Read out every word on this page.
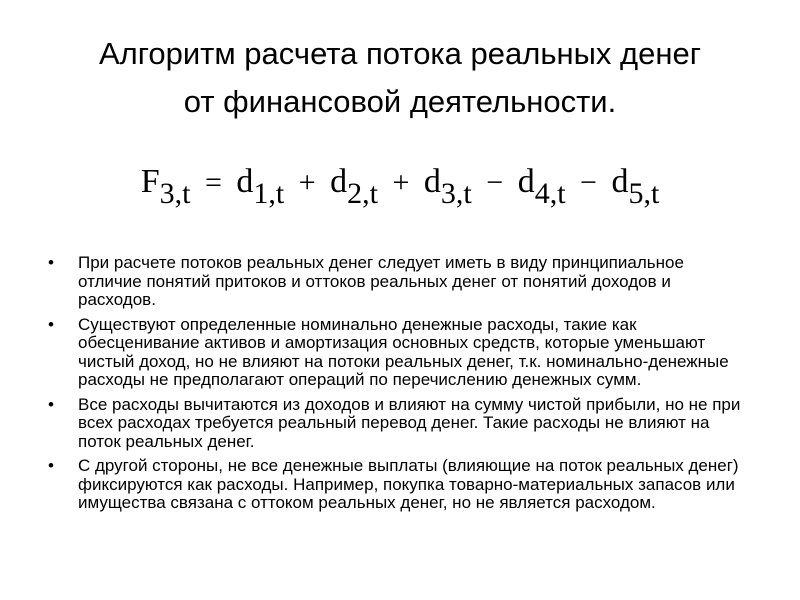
Алгоритм расчета потока реальных денег
от финансовой деятельности.
F3,t = d1,t + d2,t + d3,t − d4,t − d5,t
• При расчете потоков реальных денег следует иметь в виду принципиальное отличие понятий притоков и оттоков реальных денег от понятий доходов и расходов.
• Существуют определенные номинально денежные расходы, такие как обесценивание активов и амортизация основных средств, которые уменьшают чистый доход, но не влияют на потоки реальных денег, т.к. номинально-денежные расходы не предполагают операций по перечислению денежных сумм.
• Все расходы вычитаются из доходов и влияют на сумму чистой прибыли, но не при всех расходах требуется реальный перевод денег. Такие расходы не влияют на поток реальных денег.
• С другой стороны, не все денежные выплаты (влияющие на поток реальных денег) фиксируются как расходы. Например, покупка товарно-материальных запасов или имущества связана с оттоком реальных денег, но не является расходом.
